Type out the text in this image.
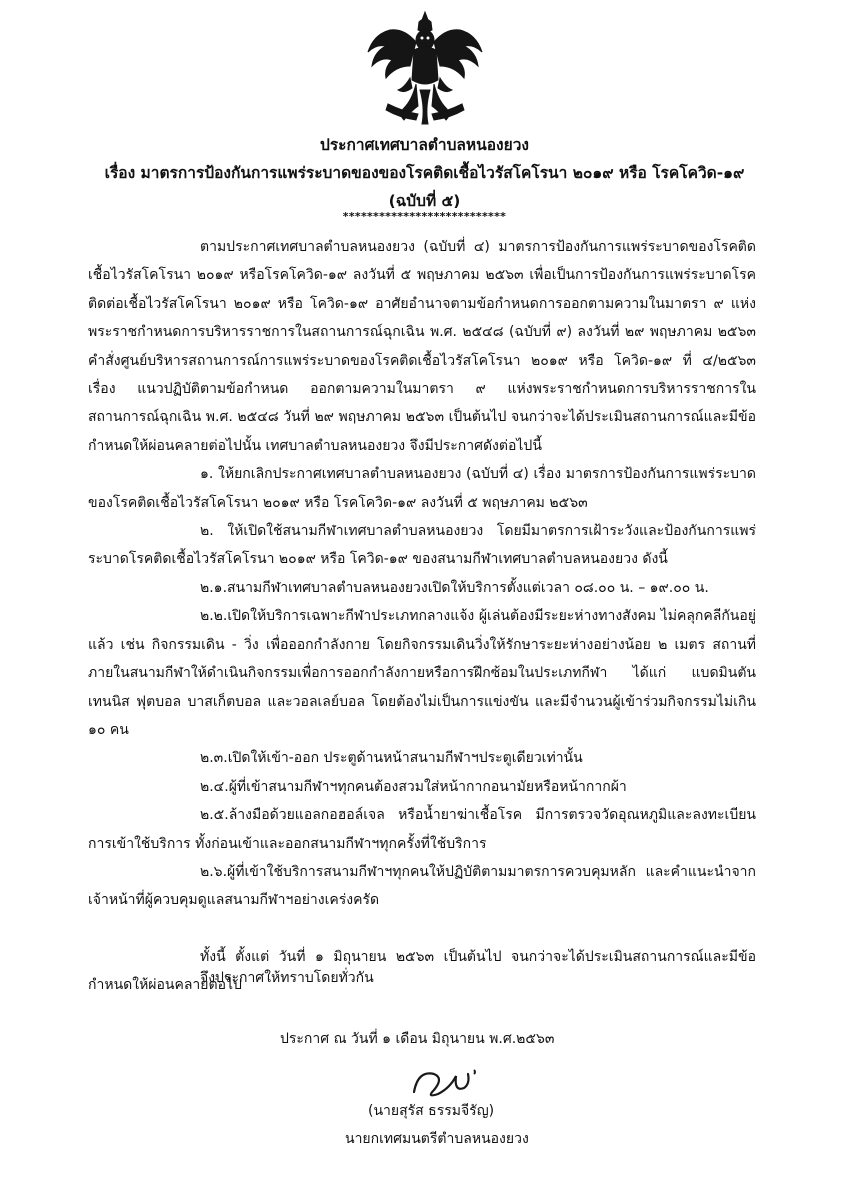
ประกาศเทศบาลตำบลหนองยวง
เรื่อง มาตรการป้องกันการแพร่ระบาดของของโรคติดเชื้อไวรัสโคโรนา ๒๐๑๙ หรือ โรคโควิด-๑๙
(ฉบับที่ ๕)
***************************

ตามประกาศเทศบาลตำบลหนองยวง (ฉบับที่ ๔) มาตรการป้องกันการแพร่ระบาดของโรคติดเชื้อไวรัสโคโรนา ๒๐๑๙ หรือโรคโควิด-๑๙ ลงวันที่ ๕ พฤษภาคม ๒๕๖๓ เพื่อเป็นการป้องกันการแพร่ระบาดโรคติดต่อเชื้อไวรัสโคโรนา ๒๐๑๙ หรือ โควิด-๑๙ อาศัยอำนาจตามข้อกำหนดการออกตามความในมาตรา ๙ แห่งพระราชกำหนดการบริหารราชการในสถานการณ์ฉุกเฉิน พ.ศ. ๒๕๔๘ (ฉบับที่ ๙) ลงวันที่ ๒๙ พฤษภาคม ๒๕๖๓ คำสั่งศูนย์บริหารสถานการณ์การแพร่ระบาดของโรคติดเชื้อไวรัสโคโรนา ๒๐๑๙ หรือ โควิด-๑๙ ที่ ๔/๒๕๖๓ เรื่อง แนวปฏิบัติตามข้อกำหนด ออกตามความในมาตรา ๙ แห่งพระราชกำหนดการบริหารราชการในสถานการณ์ฉุกเฉิน พ.ศ. ๒๕๔๘ วันที่ ๒๙ พฤษภาคม ๒๕๖๓ เป็นต้นไป จนกว่าจะได้ประเมินสถานการณ์และมีข้อกำหนดให้ผ่อนคลายต่อไปนั้น เทศบาลตำบลหนองยวง จึงมีประกาศดังต่อไปนี้

๑. ให้ยกเลิกประกาศเทศบาลตำบลหนองยวง (ฉบับที่ ๔) เรื่อง มาตรการป้องกันการแพร่ระบาดของโรคติดเชื้อไวรัสโคโรนา ๒๐๑๙ หรือ โรคโควิด-๑๙ ลงวันที่ ๕ พฤษภาคม ๒๕๖๓

๒. ให้เปิดใช้สนามกีฬาเทศบาลตำบลหนองยวง โดยมีมาตรการเฝ้าระวังและป้องกันการแพร่ระบาดโรคติดเชื้อไวรัสโคโรนา ๒๐๑๙ หรือ โควิด-๑๙ ของสนามกีฬาเทศบาลตำบลหนองยวง ดังนี้

๒.๑.สนามกีฬาเทศบาลตำบลหนองยวงเปิดให้บริการตั้งแต่เวลา ๐๘.๐๐ น. – ๑๙.๐๐ น.

๒.๒.เปิดให้บริการเฉพาะกีฬาประเภทกลางแจ้ง ผู้เล่นต้องมีระยะห่างทางสังคม ไม่คลุกคลีกันอยู่แล้ว เช่น กิจกรรมเดิน - วิ่ง เพื่อออกกำลังกาย โดยกิจกรรมเดินวิ่งให้รักษาระยะห่างอย่างน้อย ๒ เมตร สถานที่ภายในสนามกีฬาให้ดำเนินกิจกรรมเพื่อการออกกำลังกายหรือการฝึกซ้อมในประเภทกีฬา ได้แก่ แบดมินตัน เทนนิส ฟุตบอล บาสเก็ตบอล และวอลเลย์บอล โดยต้องไม่เป็นการแข่งขัน และมีจำนวนผู้เข้าร่วมกิจกรรมไม่เกิน ๑๐ คน

๒.๓.เปิดให้เข้า-ออก ประตูด้านหน้าสนามกีฬาฯประตูเดียวเท่านั้น

๒.๔.ผู้ที่เข้าสนามกีฬาฯทุกคนต้องสวมใส่หน้ากากอนามัยหรือหน้ากากผ้า

๒.๕.ล้างมือด้วยแอลกอฮอล์เจล หรือน้ำยาฆ่าเชื้อโรค มีการตรวจวัดอุณหภูมิและลงทะเบียนการเข้าใช้บริการ ทั้งก่อนเข้าและออกสนามกีฬาฯทุกครั้งที่ใช้บริการ

๒.๖.ผู้ที่เข้าใช้บริการสนามกีฬาฯทุกคนให้ปฏิบัติตามมาตรการควบคุมหลัก และคำแนะนำจากเจ้าหน้าที่ผู้ควบคุมดูแลสนามกีฬาฯอย่างเคร่งครัด

ทั้งนี้ ตั้งแต่ วันที่ ๑ มิถุนายน ๒๕๖๓ เป็นต้นไป จนกว่าจะได้ประเมินสถานการณ์และมีข้อกำหนดให้ผ่อนคลายต่อไป

จึงประกาศให้ทราบโดยทั่วกัน
ประกาศ ณ วันที่ ๑ เดือน มิถุนายน พ.ศ.๒๕๖๓
(นายสุรัส ธรรมจีรัญ)
นายกเทศมนตรีตำบลหนองยวง
